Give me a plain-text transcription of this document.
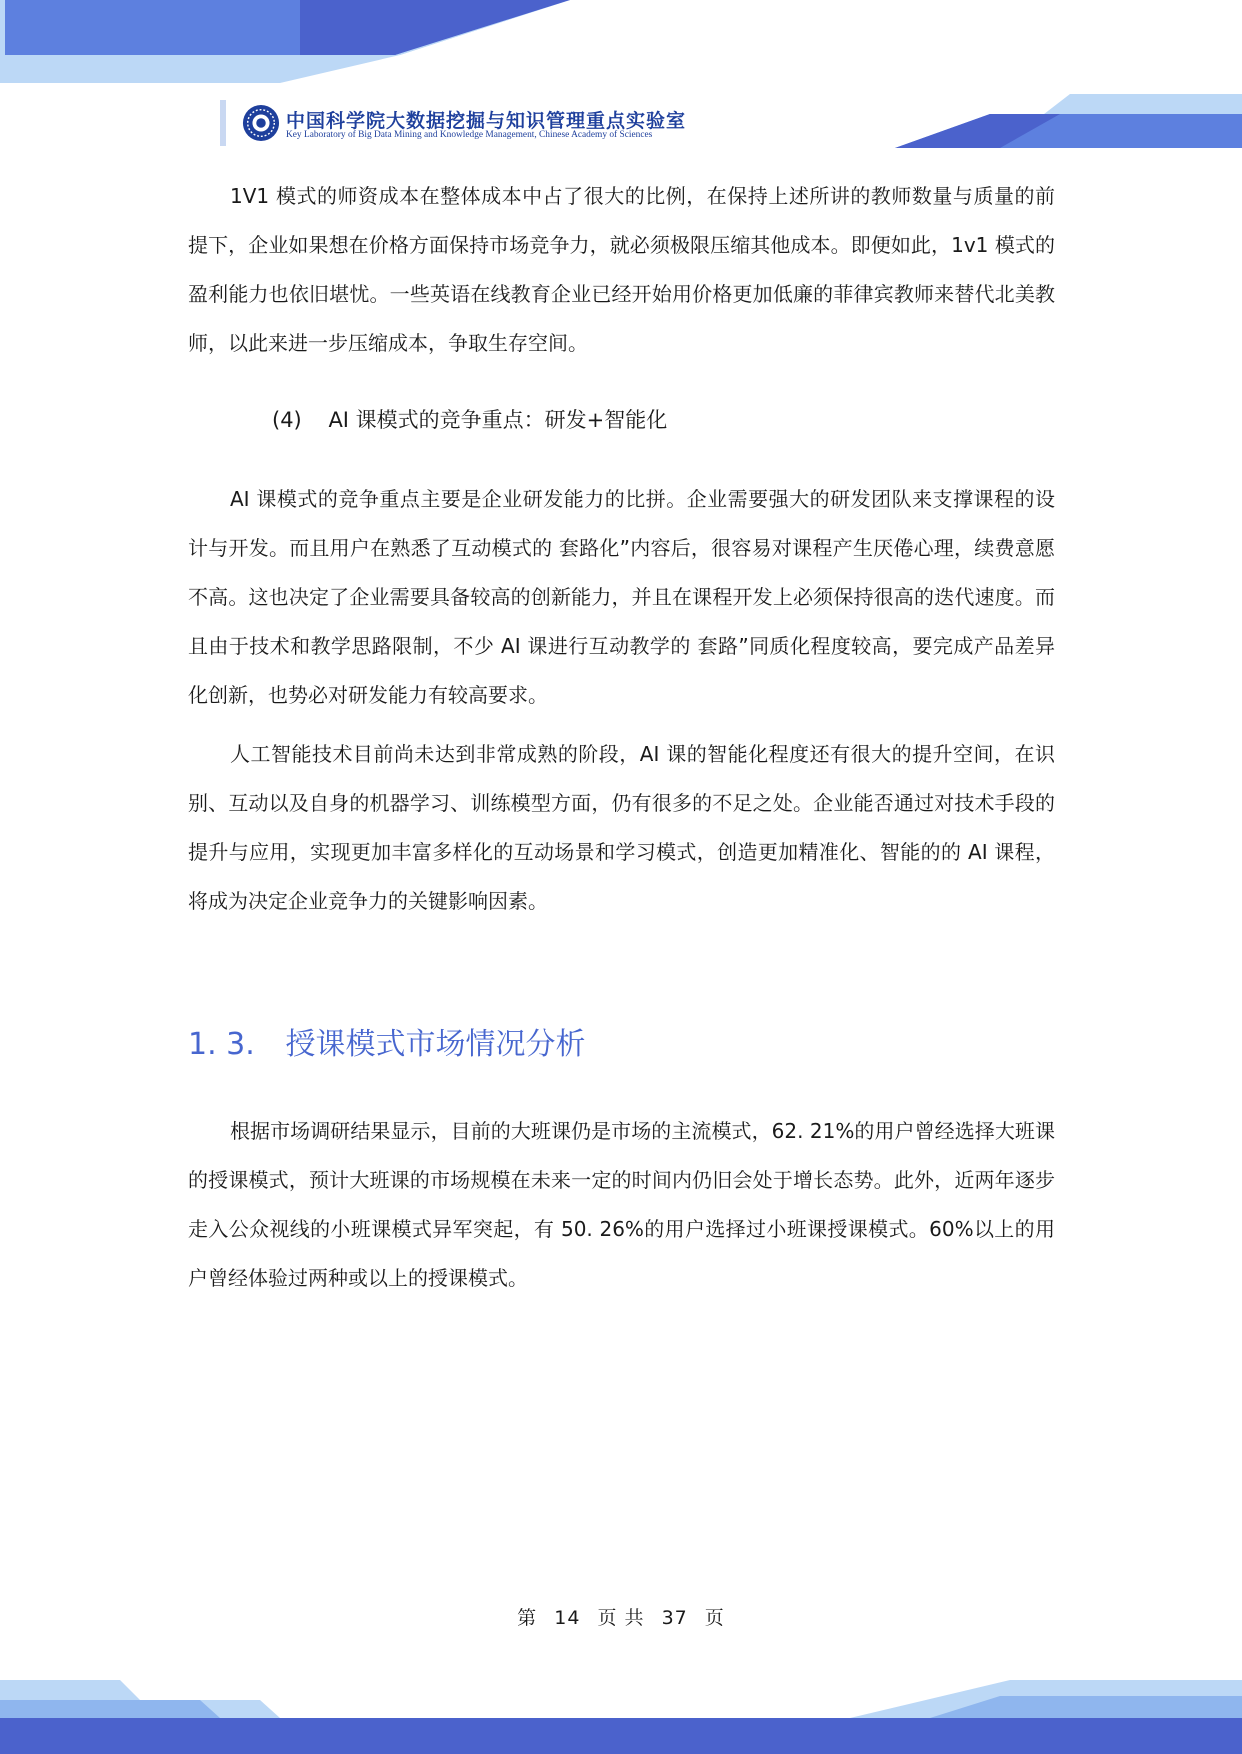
中国科学院大数据挖掘与知识管理重点实验室
Key Laboratory of Big Data Mining and Knowledge Management, Chinese Academy of Sciences

1V1 模式的师资成本在整体成本中占了很大的比例，在保持上述所讲的教师数量与质量的前提下，企业如果想在价格方面保持市场竞争力，就必须极限压缩其他成本。即便如此，1v1 模式的盈利能力也依旧堪忧。一些英语在线教育企业已经开始用价格更加低廉的菲律宾教师来替代北美教师，以此来进一步压缩成本，争取生存空间。

(4) AI 课模式的竞争重点：研发+智能化

AI 课模式的竞争重点主要是企业研发能力的比拼。企业需要强大的研发团队来支撑课程的设计与开发。而且用户在熟悉了互动模式的 套路化”内容后，很容易对课程产生厌倦心理，续费意愿不高。这也决定了企业需要具备较高的创新能力，并且在课程开发上必须保持很高的迭代速度。而且由于技术和教学思路限制，不少 AI 课进行互动教学的 套路”同质化程度较高，要完成产品差异化创新，也势必对研发能力有较高要求。

人工智能技术目前尚未达到非常成熟的阶段，AI 课的智能化程度还有很大的提升空间，在识别、互动以及自身的机器学习、训练模型方面，仍有很多的不足之处。企业能否通过对技术手段的提升与应用，实现更加丰富多样化的互动场景和学习模式，创造更加精准化、智能的的 AI 课程，将成为决定企业竞争力的关键影响因素。

1. 3. 授课模式市场情况分析

根据市场调研结果显示，目前的大班课仍是市场的主流模式，62. 21%的用户曾经选择大班课的授课模式，预计大班课的市场规模在未来一定的时间内仍旧会处于增长态势。此外，近两年逐步走入公众视线的小班课模式异军突起，有 50. 26%的用户选择过小班课授课模式。60%以上的用户曾经体验过两种或以上的授课模式。

第 14 页 共 37 页
